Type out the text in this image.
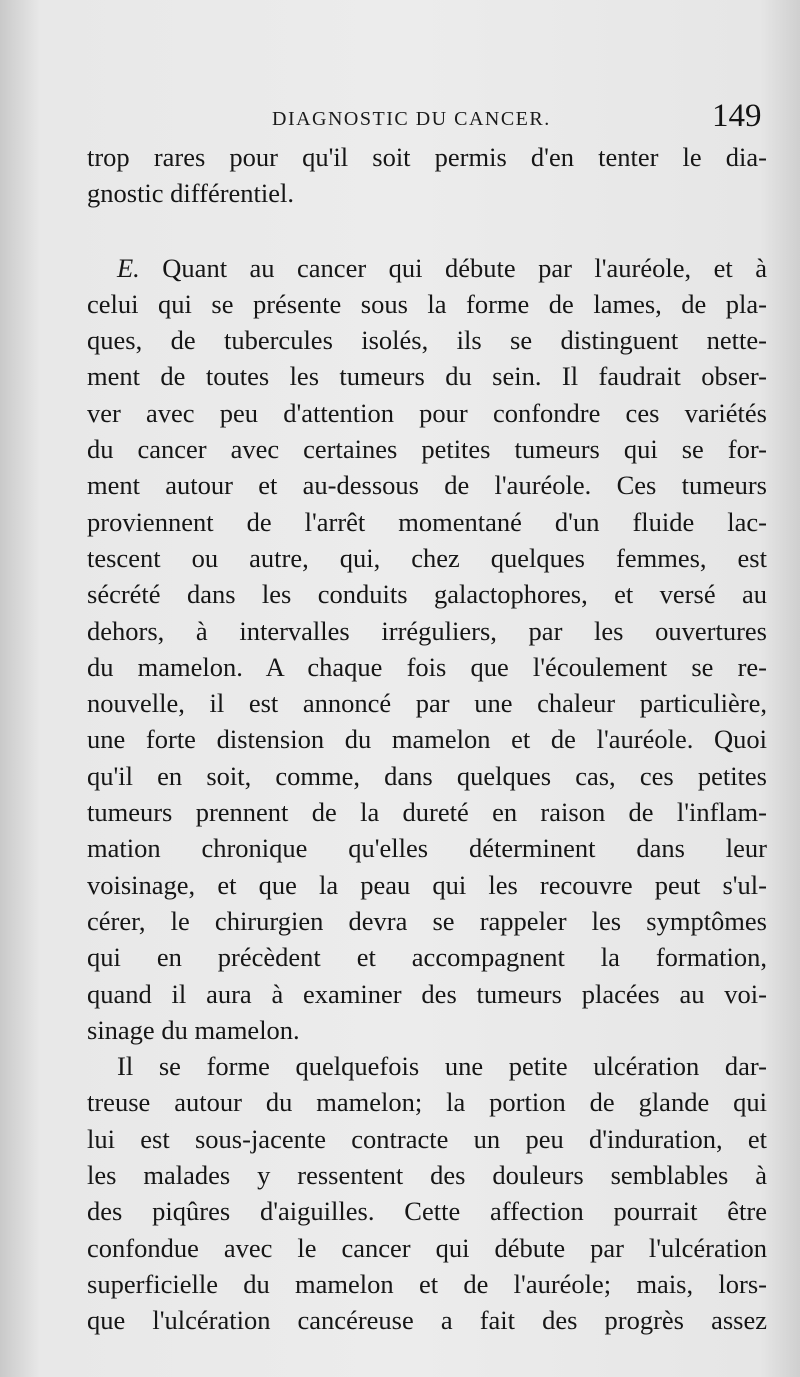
DIAGNOSTIC DU CANCER.	149
trop rares pour qu'il soit permis d'en tenter le dia-
gnostic différentiel.
E. Quant au cancer qui débute par l'auréole, et à
celui qui se présente sous la forme de lames, de pla-
ques, de tubercules isolés, ils se distinguent nette-
ment de toutes les tumeurs du sein. Il faudrait obser-
ver avec peu d'attention pour confondre ces variétés
du cancer avec certaines petites tumeurs qui se for-
ment autour et au-dessous de l'auréole. Ces tumeurs
proviennent de l'arrêt momentané d'un fluide lac-
tescent ou autre, qui, chez quelques femmes, est
sécrété dans les conduits galactophores, et versé au
dehors, à intervalles irréguliers, par les ouvertures
du mamelon. A chaque fois que l'écoulement se re-
nouvelle, il est annoncé par une chaleur particulière,
une forte distension du mamelon et de l'auréole. Quoi
qu'il en soit, comme, dans quelques cas, ces petites
tumeurs prennent de la dureté en raison de l'inflam-
mation chronique qu'elles déterminent dans leur
voisinage, et que la peau qui les recouvre peut s'ul-
cérer, le chirurgien devra se rappeler les symptômes
qui en précèdent et accompagnent la formation,
quand il aura à examiner des tumeurs placées au voi-
sinage du mamelon.
Il se forme quelquefois une petite ulcération dar-
treuse autour du mamelon; la portion de glande qui
lui est sous-jacente contracte un peu d'induration, et
les malades y ressentent des douleurs semblables à
des piqûres d'aiguilles. Cette affection pourrait être
confondue avec le cancer qui débute par l'ulcération
superficielle du mamelon et de l'auréole; mais, lors-
que l'ulcération cancéreuse a fait des progrès assez
